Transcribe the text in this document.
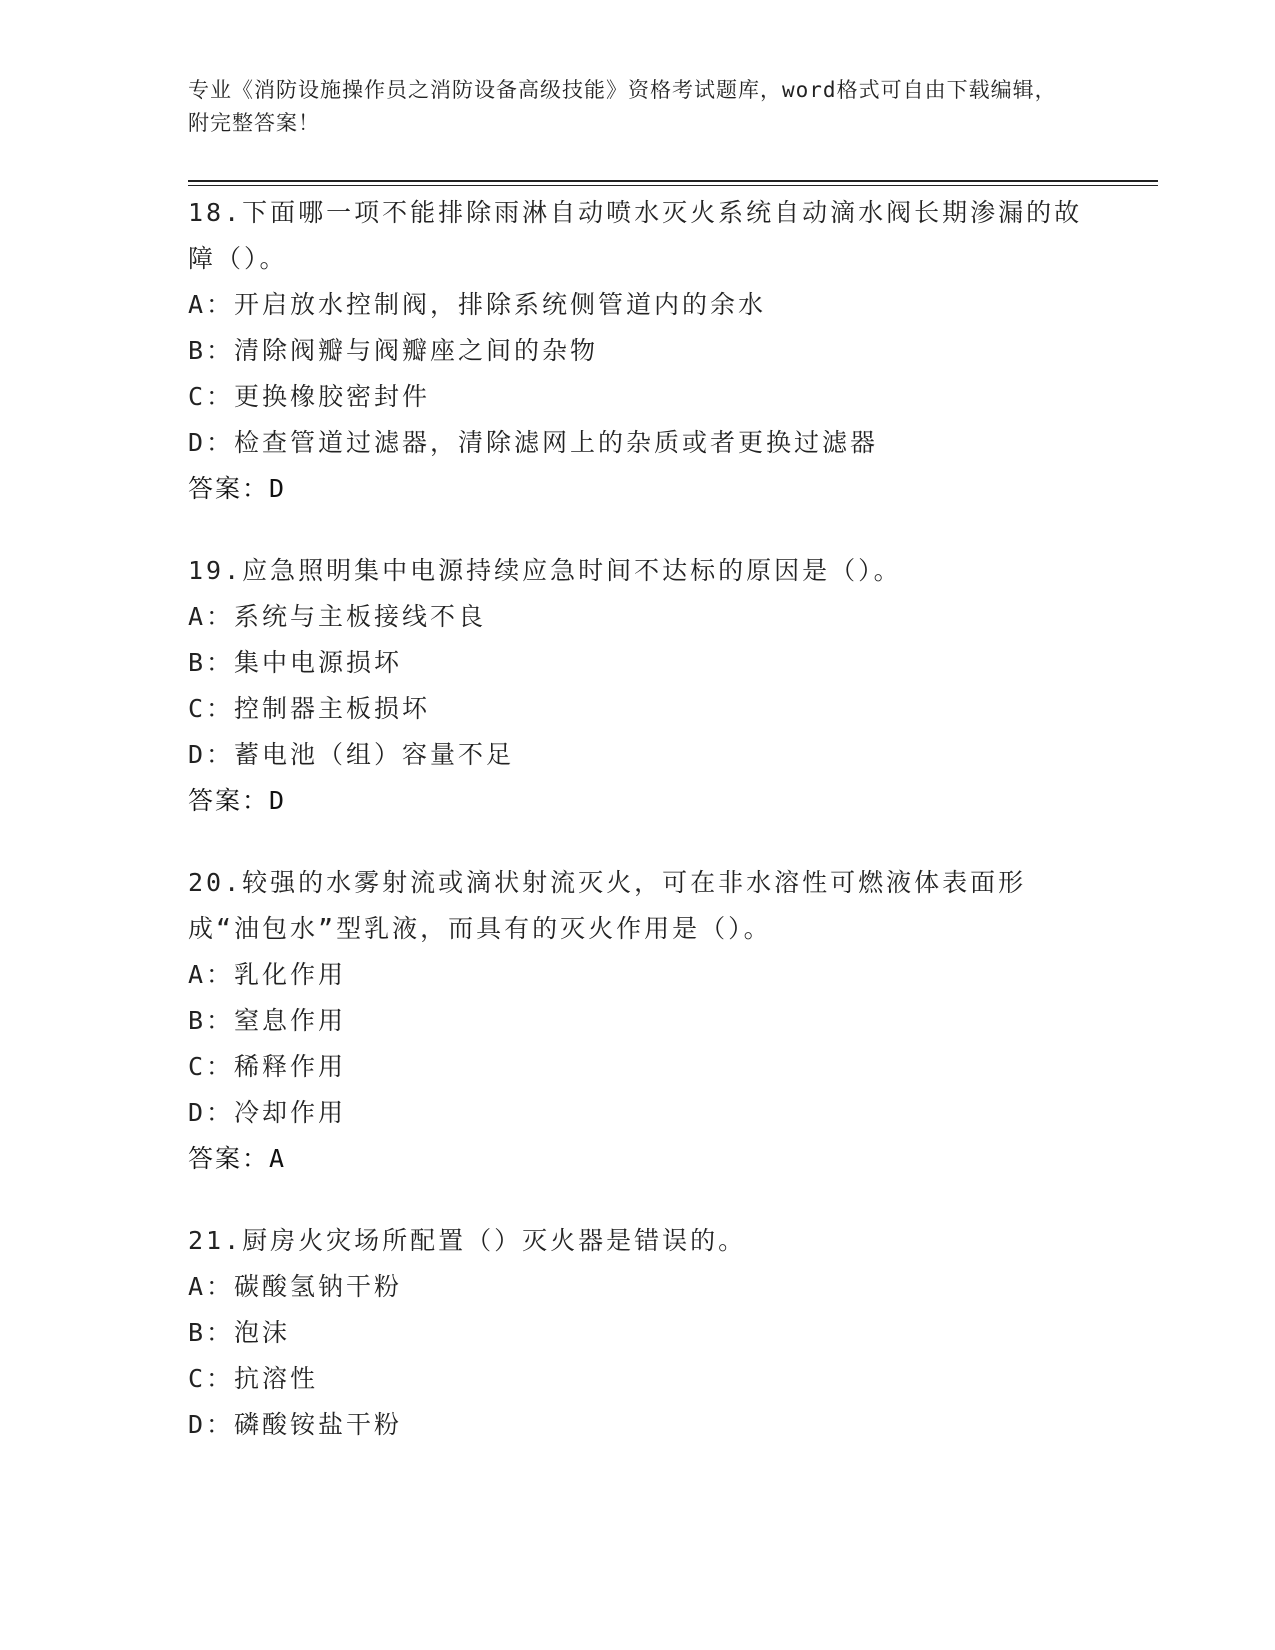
专业《消防设施操作员之消防设备高级技能》资格考试题库，word格式可自由下载编辑，附完整答案！
18.下面哪一项不能排除雨淋自动喷水灭火系统自动滴水阀长期渗漏的故障（）。
A：开启放水控制阀，排除系统侧管道内的余水
B：清除阀瓣与阀瓣座之间的杂物
C：更换橡胶密封件
D：检查管道过滤器，清除滤网上的杂质或者更换过滤器
答案：D
19.应急照明集中电源持续应急时间不达标的原因是（）。
A：系统与主板接线不良
B：集中电源损坏
C：控制器主板损坏
D：蓄电池（组）容量不足
答案：D
20.较强的水雾射流或滴状射流灭火，可在非水溶性可燃液体表面形成“油包水”型乳液，而具有的灭火作用是（）。
A：乳化作用
B：窒息作用
C：稀释作用
D：冷却作用
答案：A
21.厨房火灾场所配置（）灭火器是错误的。
A：碳酸氢钠干粉
B：泡沫
C：抗溶性
D：磷酸铵盐干粉
